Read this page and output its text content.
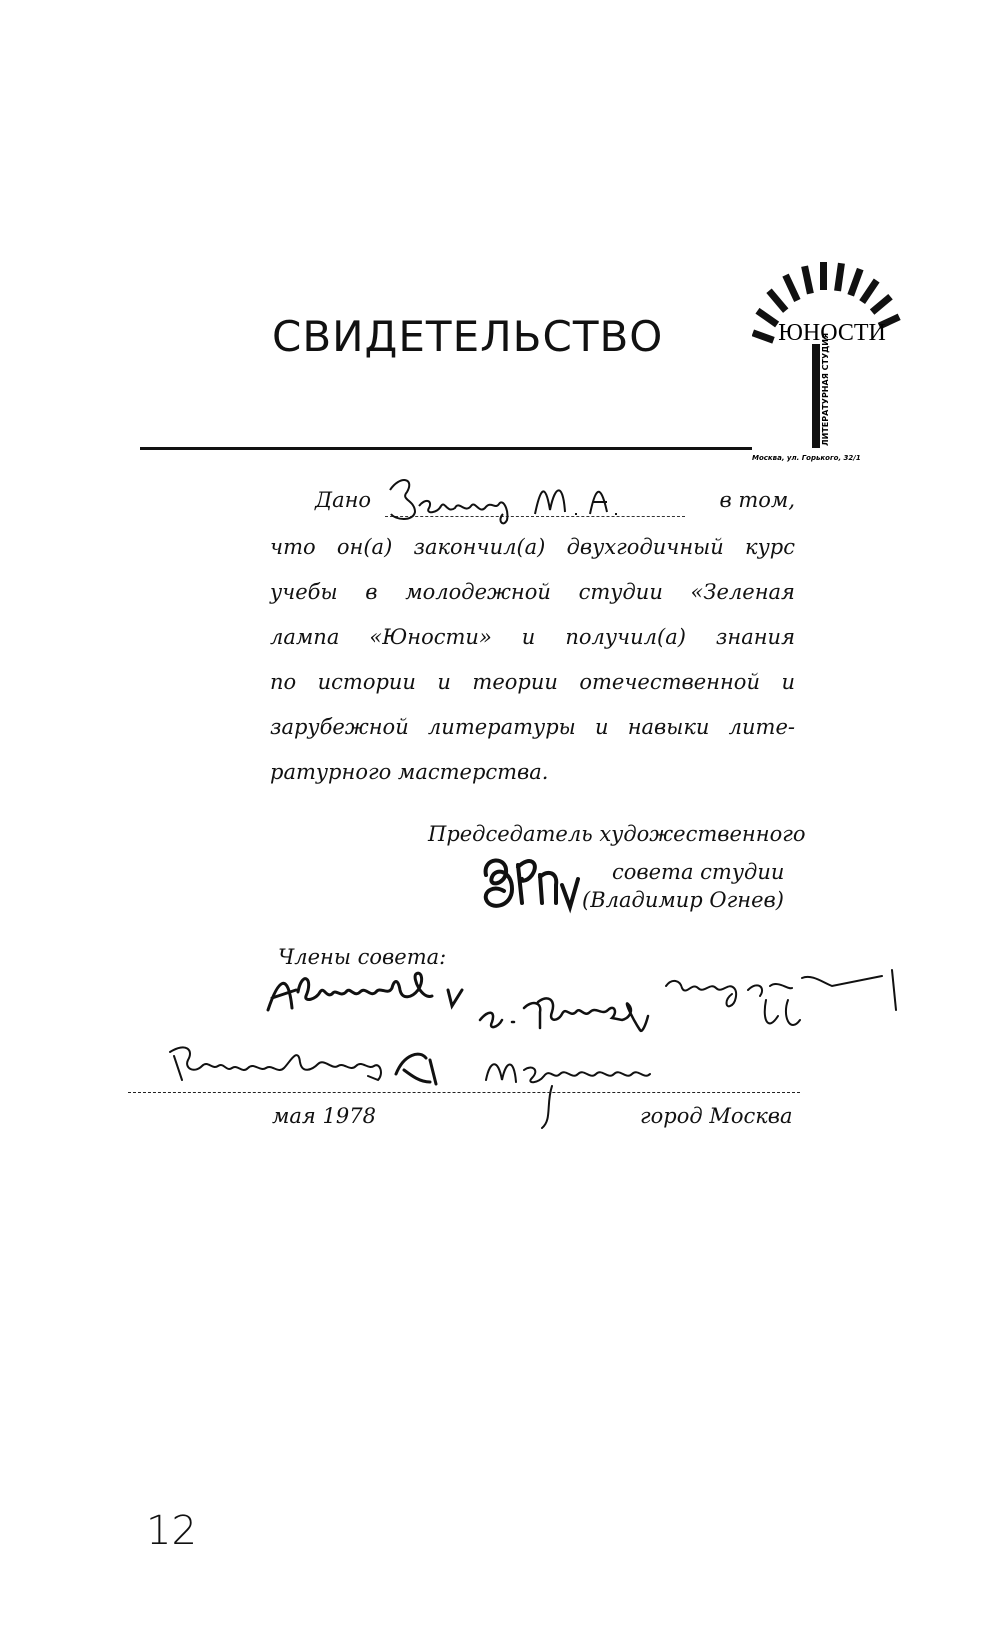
СВИДЕТЕЛЬСТВО	ЮНОСТИ
ЛИТЕРАТУРНАЯ СТУДИЯ
Москва, ул. Горького, 32/1
Дано	в том,
что он(а) закончил(а) двухгодичный курс
учебы в молодежной студии «Зеленая
лампа «Юности» и получил(а) знания
по истории и теории отечественной и
зарубежной литературы и навыки лите-
ратурного мастерства.
Председатель художественного
совета студии
(Владимир Огнев)
Члены совета:
мая 1978	город Москва
12
